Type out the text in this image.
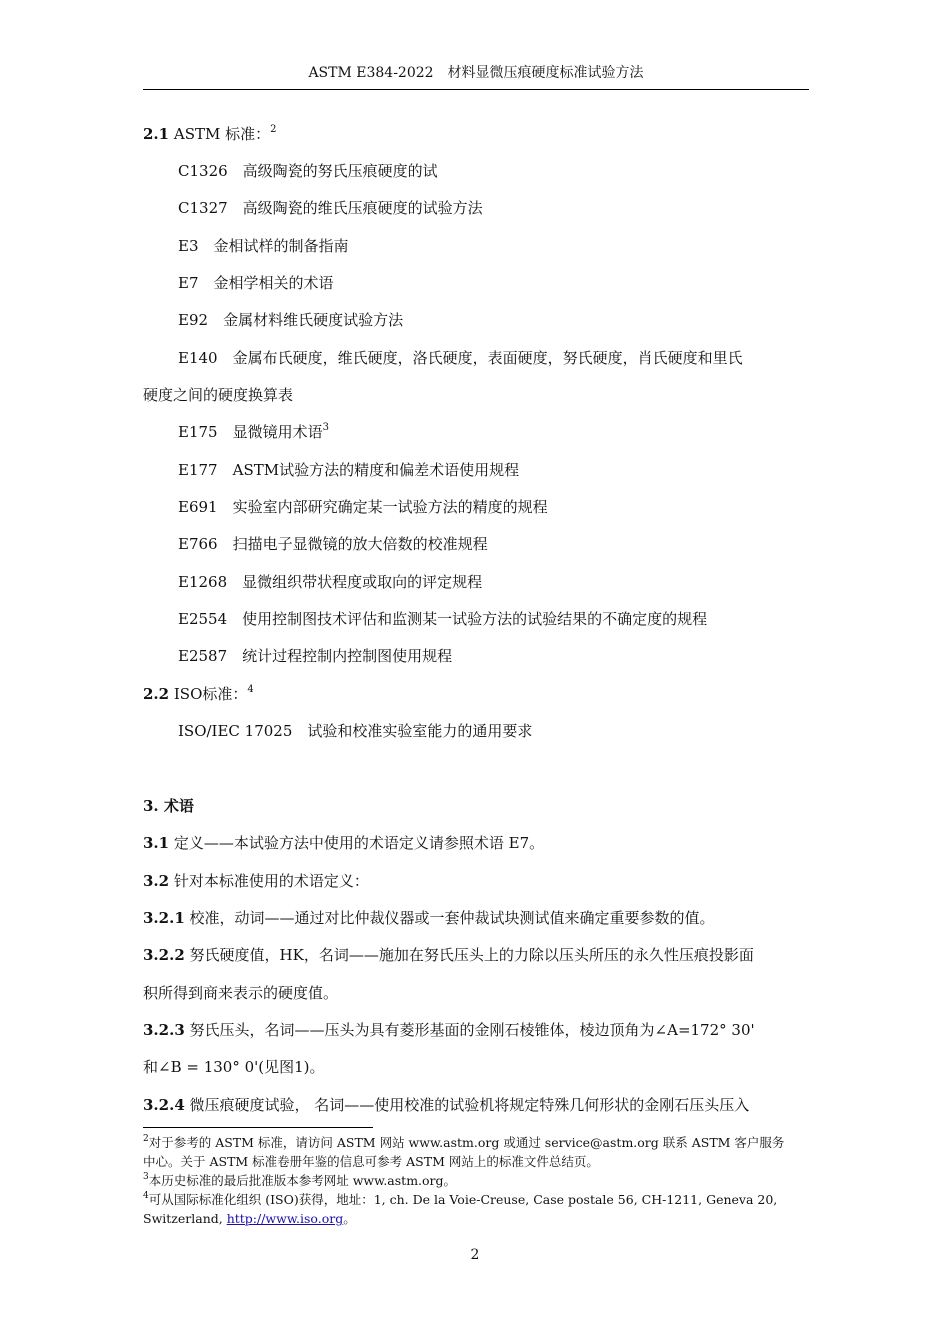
ASTM E384-2022　材料显微压痕硬度标准试验方法
2.1 ASTM 标准：$^2$
C1326　 高级陶瓷的努氏压痕硬度的试
C1327　 高级陶瓷的维氏压痕硬度的试验方法
E3　 金相试样的制备指南
E7　 金相学相关的术语
E92　 金属材料维氏硬度试验方法
E140　 金属布氏硬度，维氏硬度，洛氏硬度，表面硬度，努氏硬度，肖氏硬度和里氏
硬度之间的硬度换算表
E175　 显微镜用术语$^3$
E177　 ASTM试验方法的精度和偏差术语使用规程
E691　 实验室内部研究确定某一试验方法的精度的规程
E766　 扫描电子显微镜的放大倍数的校准规程
E1268　 显微组织带状程度或取向的评定规程
E2554　 使用控制图技术评估和监测某一试验方法的试验结果的不确定度的规程
E2587　 统计过程控制内控制图使用规程
2.2 ISO标准：$^4$
ISO/IEC 17025　 试验和校准实验室能力的通用要求
3. 术语
3.1 定义——本试验方法中使用的术语定义请参照术语 E7。
3.2 针对本标准使用的术语定义：
3.2.1 校准，动词——通过对比仲裁仪器或一套仲裁试块测试值来确定重要参数的值。
3.2.2 努氏硬度值，HK，名词——施加在努氏压头上的力除以压头所压的永久性压痕投影面
积所得到商来表示的硬度值。
3.2.3 努氏压头，名词——压头为具有菱形基面的金刚石棱锥体，棱边顶角为∠A=172° 30'
和∠B = 130° 0'(见图1)。
3.2.4 微压痕硬度试验， 名词——使用校准的试验机将规定特殊几何形状的金刚石压头压入
$^2$对于参考的 ASTM 标准，请访问 ASTM 网站 www.astm.org 或通过 service@astm.org 联系 ASTM 客户服务
中心。关于 ASTM 标准卷册年鉴的信息可参考 ASTM 网站上的标准文件总结页。
$^3$本历史标准的最后批准版本参考网址 www.astm.org。
$^4$可从国际标准化组织 (ISO)获得，地址：1, ch. De la Voie-Creuse, Case postale 56, CH-1211, Geneva 20,
Switzerland, http://www.iso.org。
2
